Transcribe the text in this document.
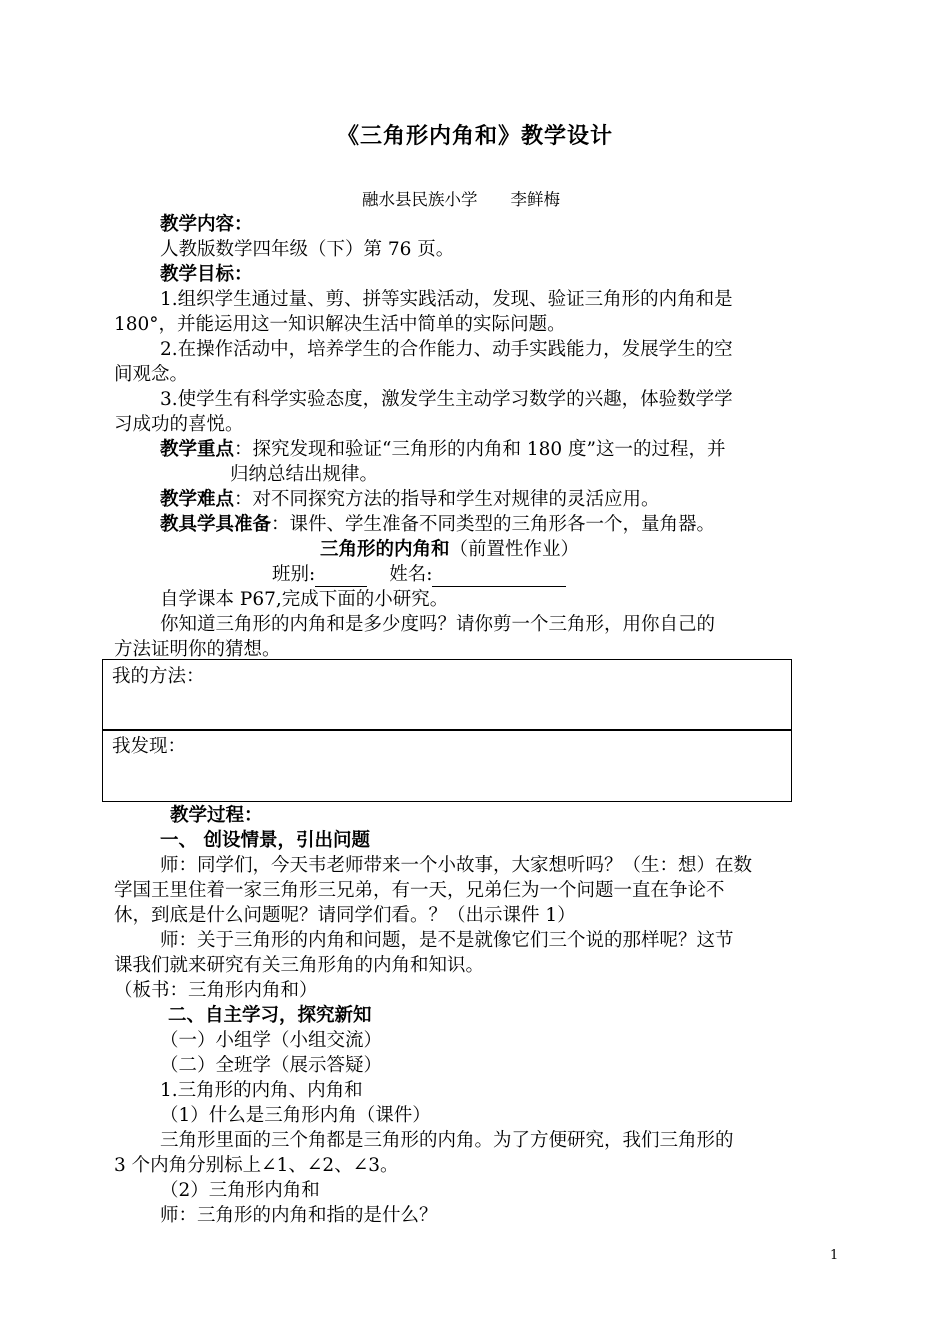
《三角形内角和》教学设计
融水县民族小学　　李鲜梅
教学内容：
人教版数学四年级（下）第 76 页。
教学目标：
1.组织学生通过量、剪、拼等实践活动，发现、验证三角形的内角和是
180°，并能运用这一知识解决生活中简单的实际问题。
2.在操作活动中，培养学生的合作能力、动手实践能力，发展学生的空
间观念。
3.使学生有科学实验态度，激发学生主动学习数学的兴趣，体验数学学
习成功的喜悦。
教学重点：探究发现和验证“三角形的内角和 180 度”这一的过程，并
归纳总结出规律。
教学难点：对不同探究方法的指导和学生对规律的灵活应用。
教具学具准备：课件、学生准备不同类型的三角形各一个，量角器。
三角形的内角和（前置性作业）
班别:	姓名:
自学课本 P67,完成下面的小研究。
你知道三角形的内角和是多少度吗？请你剪一个三角形，用你自己的
方法证明你的猜想。
我的方法：
我发现：
教学过程：
一、 创设情景，引出问题
师：同学们，今天韦老师带来一个小故事，大家想听吗？（生：想）在数
学国王里住着一家三角形三兄弟，有一天，兄弟仨为一个问题一直在争论不
休，到底是什么问题呢？请同学们看。？（出示课件 1）
师：关于三角形的内角和问题，是不是就像它们三个说的那样呢？这节
课我们就来研究有关三角形角的内角和知识。
（板书：三角形内角和）
二、自主学习，探究新知
（一）小组学（小组交流）
（二）全班学（展示答疑）
1.三角形的内角、内角和
（1）什么是三角形内角（课件）
三角形里面的三个角都是三角形的内角。为了方便研究，我们三角形的
3 个内角分别标上∠1、∠2、∠3。
（2）三角形内角和
师：三角形的内角和指的是什么？
1
